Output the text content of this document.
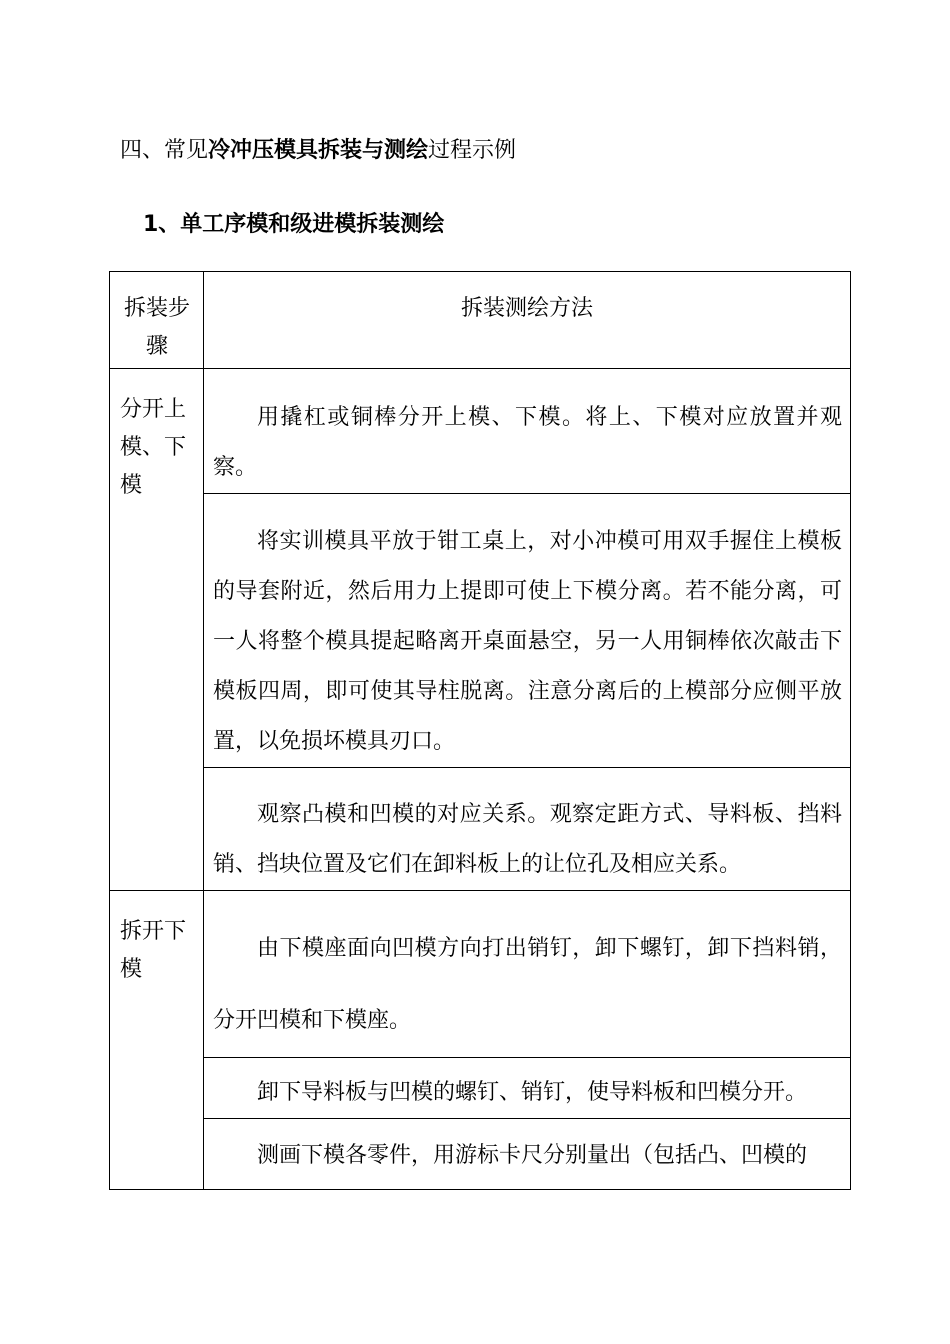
四、常见冷冲压模具拆装与测绘过程示例
1、单工序模和级进模拆装测绘
拆装步骤	拆装测绘方法

分开上模、下模	用撬杠或铜棒分开上模、下模。将上、下模对应放置并观察。

	将实训模具平放于钳工桌上，对小冲模可用双手握住上模板的导套附近，然后用力上提即可使上下模分离。若不能分离，可一人将整个模具提起略离开桌面悬空，另一人用铜棒依次敲击下模板四周，即可使其导柱脱离。注意分离后的上模部分应侧平放置，以免损坏模具刃口。

	观察凸模和凹模的对应关系。观察定距方式、导料板、挡料销、挡块位置及它们在卸料板上的让位孔及相应关系。

拆开下模	由下模座面向凹模方向打出销钉，卸下螺钉，卸下挡料销，分开凹模和下模座。

	卸下导料板与凹模的螺钉、销钉，使导料板和凹模分开。

	测画下模各零件，用游标卡尺分别量出（包括凸、凹模的
